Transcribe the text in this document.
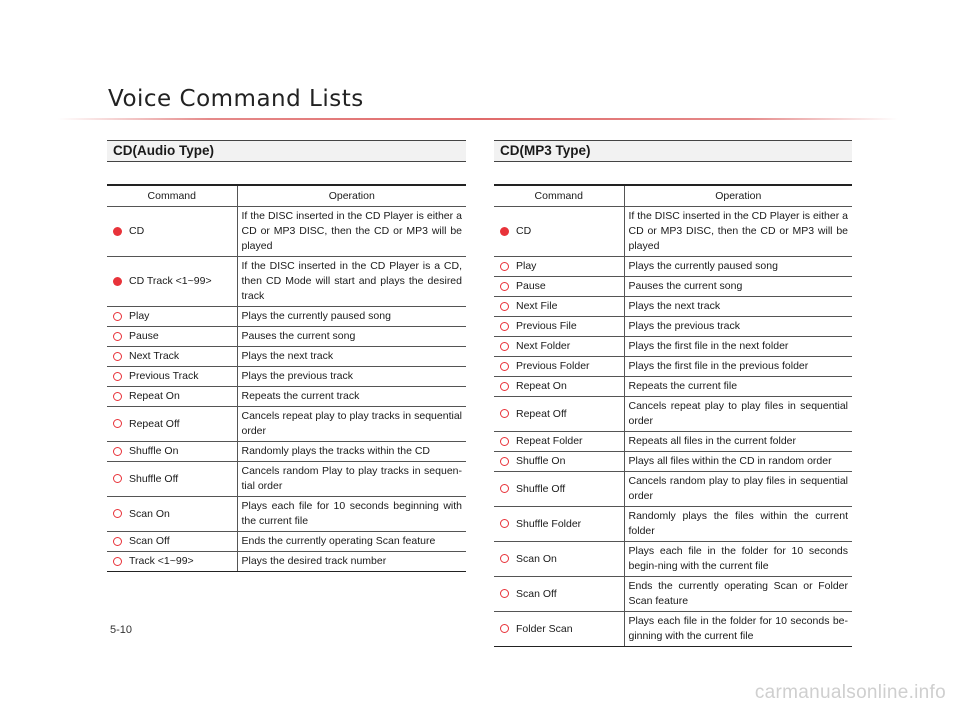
Voice Command Lists
CD(Audio Type)
Command		Operation
	CD	If the DISC inserted in the CD Player is either a CD or MP3 DISC, then the CD or MP3 will be played
	CD Track <1~99>	If the DISC inserted in the CD Player is a CD, then CD Mode will start and plays the desired track
	Play	Plays the currently paused song
	Pause	Pauses the current song
	Next Track	Plays the next track
	Previous Track	Plays the previous track
	Repeat On	Repeats the current track
	Repeat Off	Cancels repeat play to play tracks in sequential order
	Shuffle On	Randomly plays the tracks within the CD
	Shuffle Off	Cancels random Play to play tracks in sequen-tial order
	Scan On	Plays each file for 10 seconds beginning with the current file
	Scan Off	Ends the currently operating Scan feature
	Track <1~99>	Plays the desired track number
CD(MP3 Type)
Command		Operation
	CD	If the DISC inserted in the CD Player is either a CD or MP3 DISC, then the CD or MP3 will be played
	Play	Plays the currently paused song
	Pause	Pauses the current song
	Next File	Plays the next track
	Previous File	Plays the previous track
	Next Folder	Plays the first file in the next folder
	Previous Folder	Plays the first file in the previous folder
	Repeat On	Repeats the current file
	Repeat Off	Cancels repeat play to play files in sequential order
	Repeat Folder	Repeats all files in the current folder
	Shuffle On	Plays all files within the CD in random order
	Shuffle Off	Cancels random play to play files in sequential order
	Shuffle Folder	Randomly plays the files within the current folder
	Scan On	Plays each file in the folder for 10 seconds begin-ning with the current file
	Scan Off	Ends the currently operating Scan or Folder Scan feature
	Folder Scan	Plays each file in the folder for 10 seconds be-ginning with the current file
5-10
carmanualsonline.info
